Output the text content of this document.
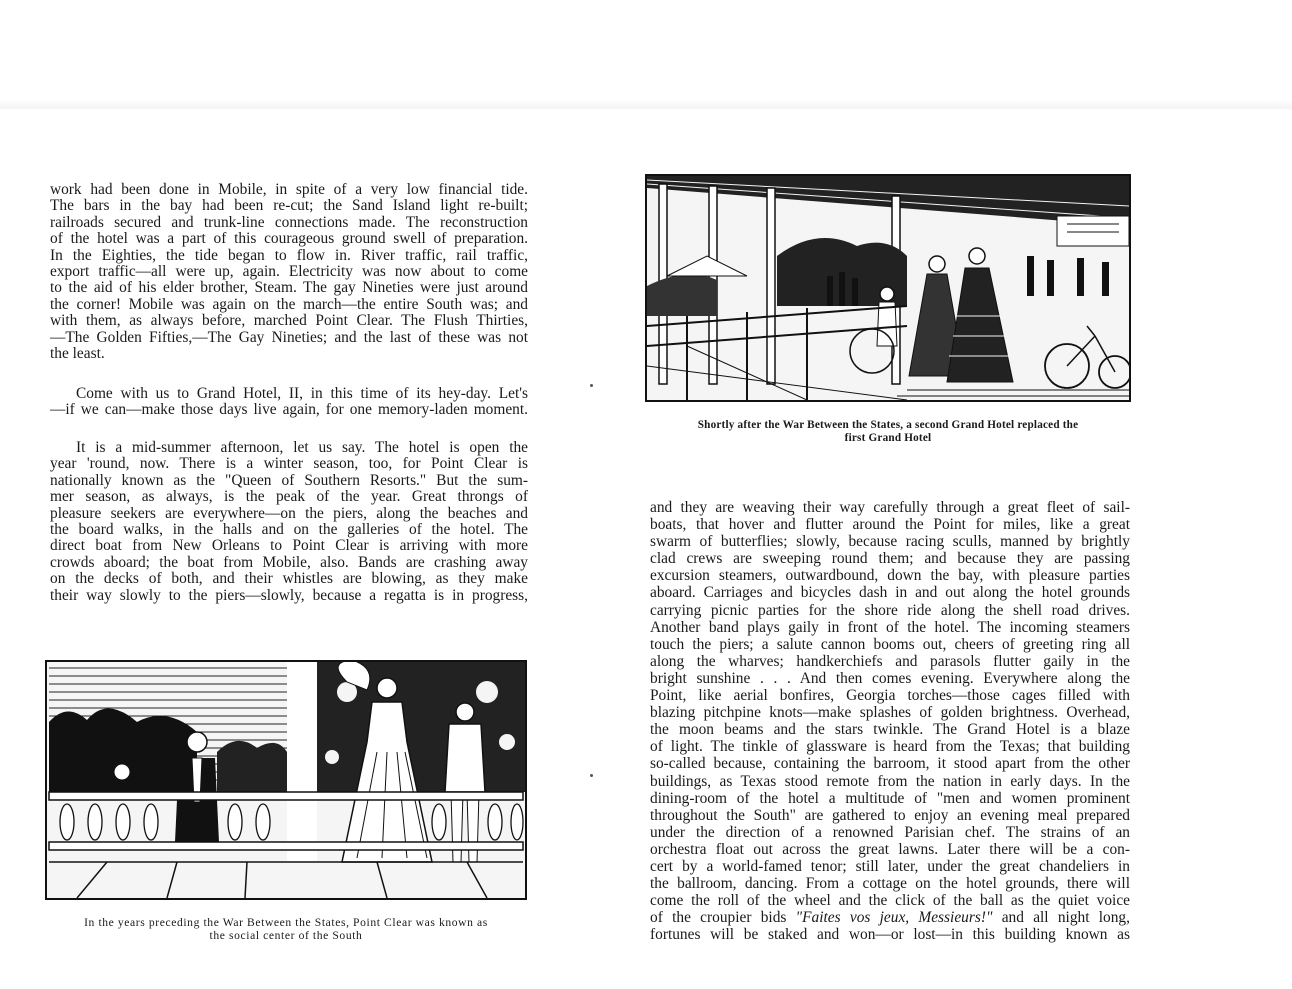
work had been done in Mobile, in spite of a very low financial tide.
The bars in the bay had been re-cut; the Sand Island light re-built;
railroads secured and trunk-line connections made. The reconstruction
of the hotel was a part of this courageous ground swell of preparation.
In the Eighties, the tide began to flow in. River traffic, rail traffic,
export traffic—all were up, again. Electricity was now about to come
to the aid of his elder brother, Steam. The gay Nineties were just around
the corner! Mobile was again on the march—the entire South was; and
with them, as always before, marched Point Clear. The Flush Thirties,
—The Golden Fifties,—The Gay Nineties; and the last of these was not
the least.
Come with us to Grand Hotel, II, in this time of its hey-day. Let's
—if we can—make those days live again, for one memory-laden moment.
It is a mid-summer afternoon, let us say. The hotel is open the
year 'round, now. There is a winter season, too, for Point Clear is
nationally known as the "Queen of Southern Resorts." But the sum-
mer season, as always, is the peak of the year. Great throngs of
pleasure seekers are everywhere—on the piers, along the beaches and
the board walks, in the halls and on the galleries of the hotel. The
direct boat from New Orleans to Point Clear is arriving with more
crowds aboard; the boat from Mobile, also. Bands are crashing away
on the decks of both, and their whistles are blowing, as they make
their way slowly to the piers—slowly, because a regatta is in progress,
In the years preceding the War Between the States, Point Clear was known as
the social center of the South
Shortly after the War Between the States, a second Grand Hotel replaced the
first Grand Hotel
and they are weaving their way carefully through a great fleet of sail-
boats, that hover and flutter around the Point for miles, like a great
swarm of butterflies; slowly, because racing sculls, manned by brightly
clad crews are sweeping round them; and because they are passing
excursion steamers, outwardbound, down the bay, with pleasure parties
aboard. Carriages and bicycles dash in and out along the hotel grounds
carrying picnic parties for the shore ride along the shell road drives.
Another band plays gaily in front of the hotel. The incoming steamers
touch the piers; a salute cannon booms out, cheers of greeting ring all
along the wharves; handkerchiefs and parasols flutter gaily in the
bright sunshine . . . And then comes evening. Everywhere along the
Point, like aerial bonfires, Georgia torches—those cages filled with
blazing pitchpine knots—make splashes of golden brightness. Overhead,
the moon beams and the stars twinkle. The Grand Hotel is a blaze
of light. The tinkle of glassware is heard from the Texas; that building
so-called because, containing the barroom, it stood apart from the other
buildings, as Texas stood remote from the nation in early days. In the
dining-room of the hotel a multitude of "men and women prominent
throughout the South" are gathered to enjoy an evening meal prepared
under the direction of a renowned Parisian chef. The strains of an
orchestra float out across the great lawns. Later there will be a con-
cert by a world-famed tenor; still later, under the great chandeliers in
the ballroom, dancing. From a cottage on the hotel grounds, there will
come the roll of the wheel and the click of the ball as the quiet voice
of the croupier bids "Faites vos jeux, Messieurs!" and all night long,
fortunes will be staked and won—or lost—in this building known as
